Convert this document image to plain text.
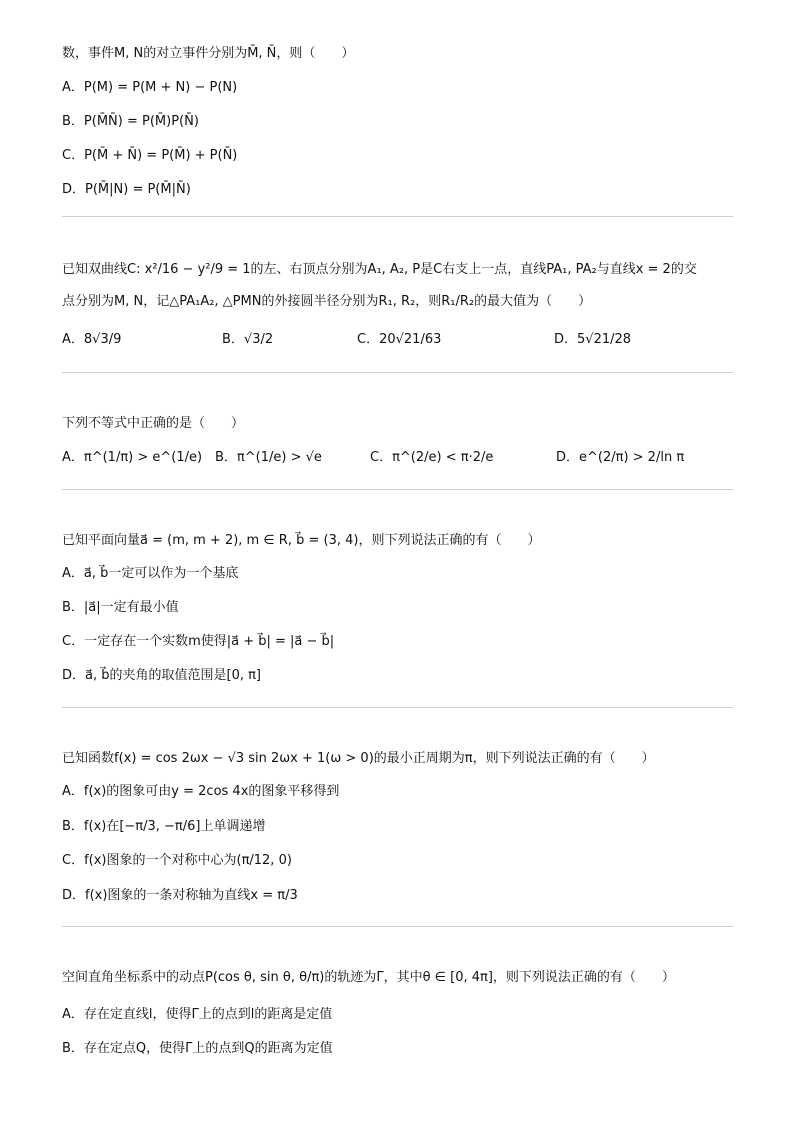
数，事件M, N的对立事件分别为M̄, N̄，则（　　）
A．P(M) = P(M + N) − P(N)
B．P(M̄N̄) = P(M̄)P(N̄)
C．P(M̄ + N̄) = P(M̄) + P(N̄)
D．P(M̄|N) = P(M̄|N̄)
已知双曲线C: x²/16 − y²/9 = 1的左、右顶点分别为A₁, A₂, P是C右支上一点，直线PA₁, PA₂与直线x = 2的交
点分别为M, N，记△PA₁A₂, △PMN的外接圆半径分别为R₁, R₂，则R₁/R₂的最大值为（　　）
A．8√3/9	B．√3/2	C．20√21/63	D．5√21/28
下列不等式中正确的是（　　）
A．π^(1/π) > e^(1/e) B．π^(1/e) > √e	C．π^(2/e) < π·2/e	D．e^(2/π) > 2/ln π
已知平面向量a⃗ = (m, m + 2), m ∈ R, b⃗ = (3, 4)，则下列说法正确的有（　　）
A．a⃗, b⃗一定可以作为一个基底
B．|a⃗|一定有最小值
C．一定存在一个实数m使得|a⃗ + b⃗| = |a⃗ − b⃗|
D．a⃗, b⃗的夹角的取值范围是[0, π]
已知函数f(x) = cos 2ωx − √3 sin 2ωx + 1(ω > 0)的最小正周期为π，则下列说法正确的有（　　）
A．f(x)的图象可由y = 2cos 4x的图象平移得到
B．f(x)在[−π/3, −π/6]上单调递增
C．f(x)图象的一个对称中心为(π/12, 0)
D．f(x)图象的一条对称轴为直线x = π/3
空间直角坐标系中的动点P(cos θ, sin θ, θ/π)的轨迹为Γ，其中θ ∈ [0, 4π]，则下列说法正确的有（　　）
A．存在定直线l，使得Γ上的点到l的距离是定值
B．存在定点Q，使得Γ上的点到Q的距离为定值
